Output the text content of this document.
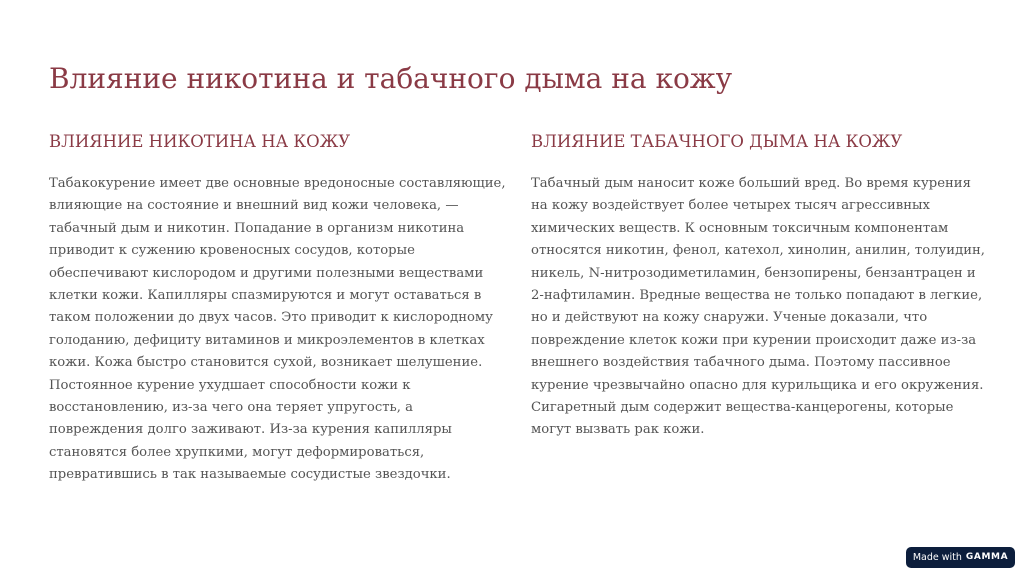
Влияние никотина и табачного дыма на кожу
ВЛИЯНИЕ НИКОТИНА НА КОЖУ

Табакокурение имеет две основные вредоносные составляющие, влияющие на состояние и внешний вид кожи человека, — табачный дым и никотин. Попадание в организм никотина приводит к сужению кровеносных сосудов, которые обеспечивают кислородом и другими полезными веществами клетки кожи. Капилляры спазмируются и могут оставаться в таком положении до двух часов. Это приводит к кислородному голоданию, дефициту витаминов и микроэлементов в клетках кожи. Кожа быстро становится сухой, возникает шелушение. Постоянное курение ухудшает способности кожи к восстановлению, из-за чего она теряет упругость, а повреждения долго заживают. Из-за курения капилляры становятся более хрупкими, могут деформироваться, превратившись в так называемые сосудистые звездочки.

ВЛИЯНИЕ ТАБАЧНОГО ДЫМА НА КОЖУ

Табачный дым наносит коже больший вред. Во время курения на кожу воздействует более четырех тысяч агрессивных химических веществ. К основным токсичным компонентам относятся никотин, фенол, катехол, хинолин, анилин, толуидин, никель, N-нитрозодиметиламин, бензопирены, бензантрацен и 2-нафтиламин. Вредные вещества не только попадают в легкие, но и действуют на кожу снаружи. Ученые доказали, что повреждение клеток кожи при курении происходит даже из-за внешнего воздействия табачного дыма. Поэтому пассивное курение чрезвычайно опасно для курильщика и его окружения. Сигаретный дым содержит вещества-канцерогены, которые могут вызвать рак кожи.

Made with GAMMA
